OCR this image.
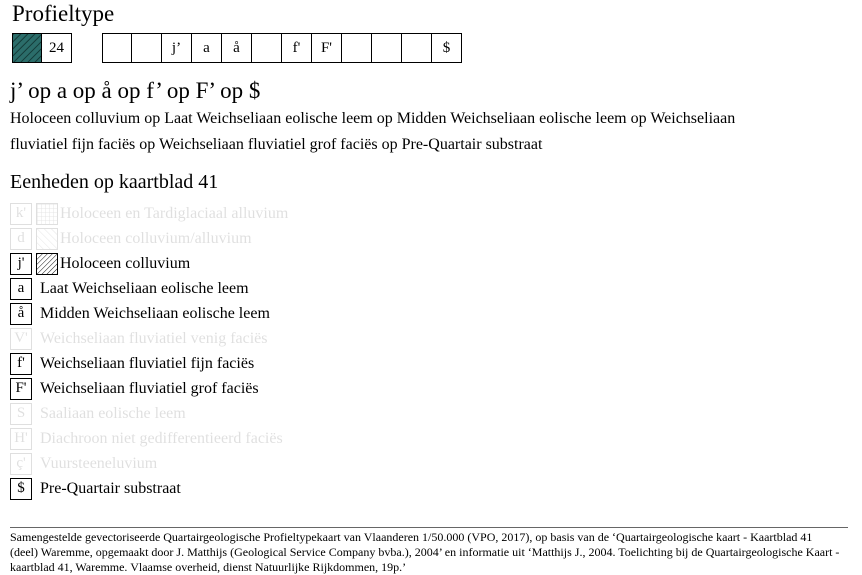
Profieltype
24	j’	a	å	f'	F'	$
j’ op a op å op f’ op F’ op $
Holoceen colluvium op Laat Weichseliaan eolische leem op Midden Weichseliaan eolische leem op Weichseliaan fluviatiel fijn faciës op Weichseliaan fluviatiel grof faciës op Pre-Quartair substraat
Eenheden op kaartblad 41
k'	Holoceen en Tardiglaciaal alluvium
d	Holoceen colluvium/alluvium
j'	Holoceen colluvium
a Laat Weichseliaan eolische leem
å Midden Weichseliaan eolische leem
V' Weichseliaan fluviatiel venig faciës
f' Weichseliaan fluviatiel fijn faciës
F' Weichseliaan fluviatiel grof faciës
S Saaliaan eolische leem
H' Diachroon niet gedifferentieerd faciës
ç' Vuursteeneluvium
$ Pre-Quartair substraat
Samengestelde gevectoriseerde Quartairgeologische Profieltypekaart van Vlaanderen 1/50.000 (VPO, 2017), op basis van de ‘Quartairgeologische kaart - Kaartblad 41 (deel) Waremme, opgemaakt door J. Matthijs (Geological Service Company bvba.), 2004’ en informatie uit ‘Matthijs J., 2004. Toelichting bij de Quartairgeologische Kaart - kaartblad 41, Waremme. Vlaamse overheid, dienst Natuurlijke Rijkdommen, 19p.’
